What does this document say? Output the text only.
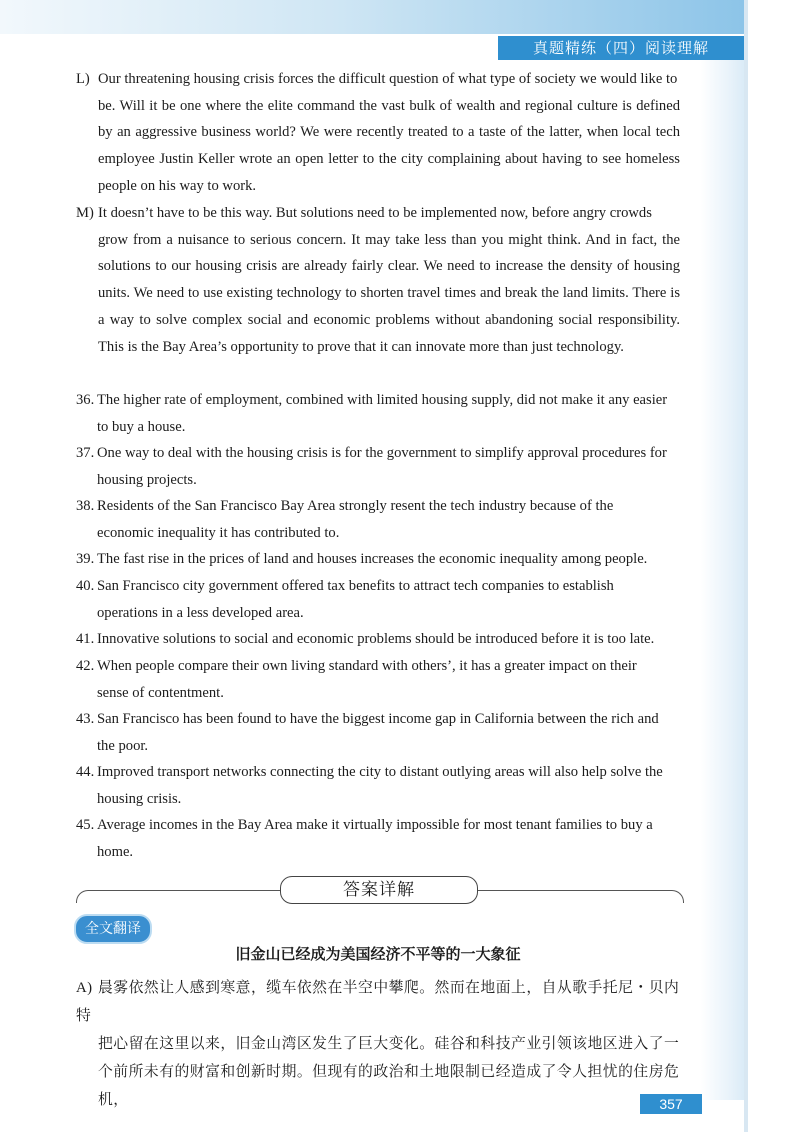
真题精练（四）阅读理解
L) Our threatening housing crisis forces the difficult question of what type of society we would like to
be. Will it be one where the elite command the vast bulk of wealth and regional culture is defined by an aggressive business world? We were recently treated to a taste of the latter, when local tech employee Justin Keller wrote an open letter to the city complaining about having to see homeless people on his way to work.
M) It doesn’t have to be this way. But solutions need to be implemented now, before angry crowds
grow from a nuisance to serious concern. It may take less than you might think. And in fact, the solutions to our housing crisis are already fairly clear. We need to increase the density of housing units. We need to use existing technology to shorten travel times and break the land limits. There is a way to solve complex social and economic problems without abandoning social responsibility. This is the Bay Area’s opportunity to prove that it can innovate more than just technology.
36. The higher rate of employment, combined with limited housing supply, did not make it any easier
to buy a house.
37. One way to deal with the housing crisis is for the government to simplify approval procedures for
housing projects.
38. Residents of the San Francisco Bay Area strongly resent the tech industry because of the
economic inequality it has contributed to.
39. The fast rise in the prices of land and houses increases the economic inequality among people.
40. San Francisco city government offered tax benefits to attract tech companies to establish
operations in a less developed area.
41. Innovative solutions to social and economic problems should be introduced before it is too late.
42. When people compare their own living standard with others’, it has a greater impact on their
sense of contentment.
43. San Francisco has been found to have the biggest income gap in California between the rich and
the poor.
44. Improved transport networks connecting the city to distant outlying areas will also help solve the
housing crisis.
45. Average incomes in the Bay Area make it virtually impossible for most tenant families to buy a
home.
答案详解
全文翻译
旧金山已经成为美国经济不平等的一大象征
A) 晨雾依然让人感到寒意，缆车依然在半空中攀爬。然而在地面上，自从歌手托尼・贝内特
把心留在这里以来，旧金山湾区发生了巨大变化。硅谷和科技产业引领该地区进入了一个前所未有的财富和创新时期。但现有的政治和土地限制已经造成了令人担忧的住房危机，	357
